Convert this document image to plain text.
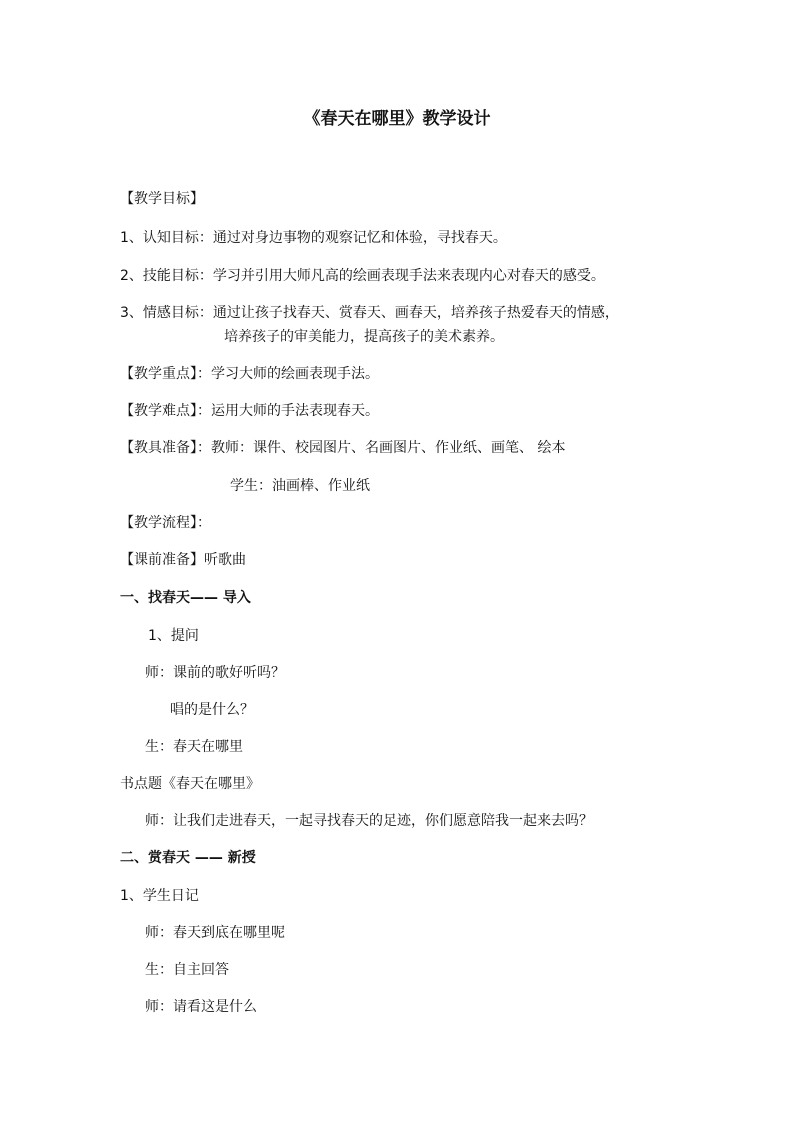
《春天在哪里》教学设计
【教学目标】
1、认知目标：通过对身边事物的观察记忆和体验，寻找春天。
2、技能目标：学习并引用大师凡高的绘画表现手法来表现内心对春天的感受。
3、情感目标：通过让孩子找春天、赏春天、画春天，培养孩子热爱春天的情感，
培养孩子的审美能力，提高孩子的美术素养。
【教学重点】：学习大师的绘画表现手法。
【教学难点】：运用大师的手法表现春天。
【教具准备】：教师：课件、校园图片、名画图片、作业纸、画笔、 绘本
学生：油画棒、作业纸
【教学流程】：
【课前准备】听歌曲
一、找春天—— 导入
1、提问
师：课前的歌好听吗？
唱的是什么？
生：春天在哪里
书点题《春天在哪里》
师：让我们走进春天，一起寻找春天的足迹，你们愿意陪我一起来去吗？
二、赏春天 —— 新授
1、学生日记
师：春天到底在哪里呢
生：自主回答
师：请看这是什么
